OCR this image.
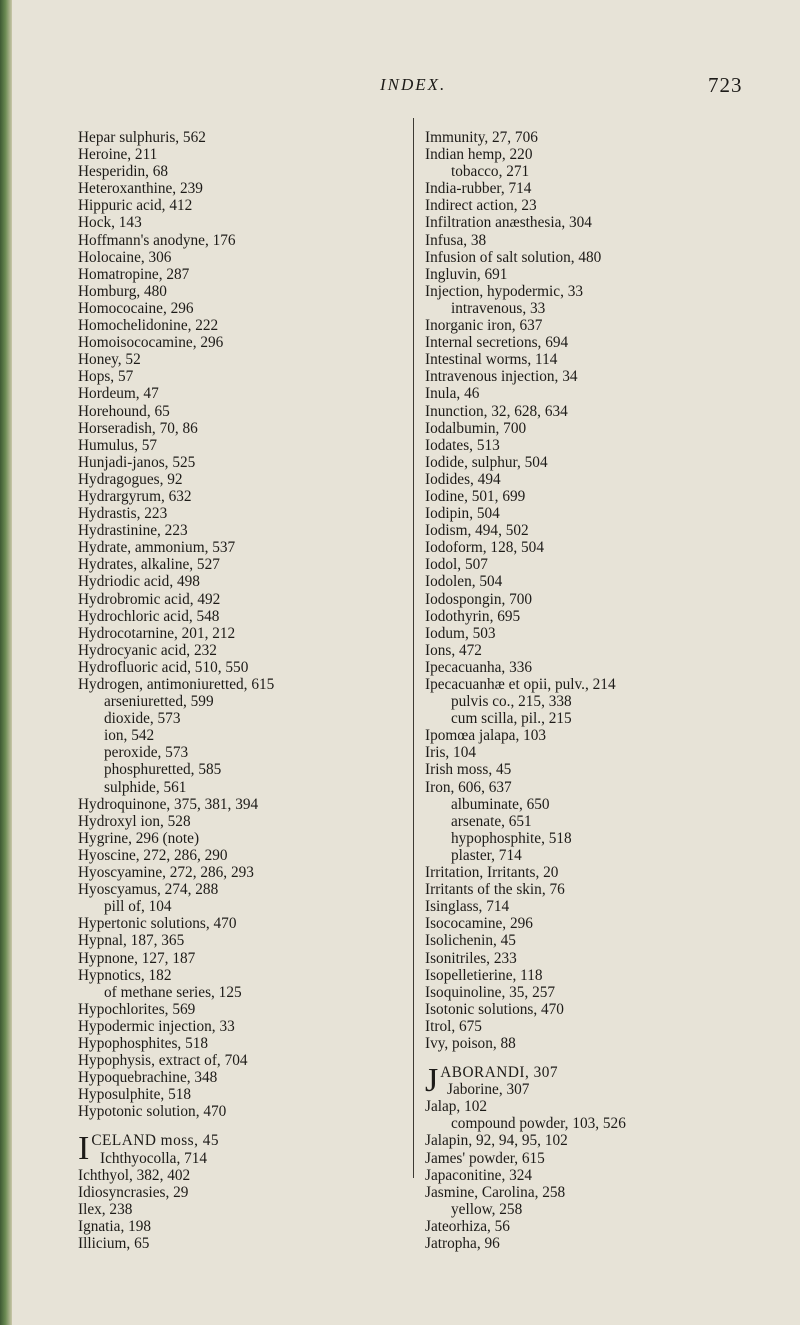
INDEX.	723
Hepar sulphuris, 562
Heroine, 211
Hesperidin, 68
Heteroxanthine, 239
Hippuric acid, 412
Hock, 143
Hoffmann's anodyne, 176
Holocaine, 306
Homatropine, 287
Homburg, 480
Homococaine, 296
Homochelidonine, 222
Homoisococamine, 296
Honey, 52
Hops, 57
Hordeum, 47
Horehound, 65
Horseradish, 70, 86
Humulus, 57
Hunjadi-janos, 525
Hydragogues, 92
Hydrargyrum, 632
Hydrastis, 223
Hydrastinine, 223
Hydrate, ammonium, 537
Hydrates, alkaline, 527
Hydriodic acid, 498
Hydrobromic acid, 492
Hydrochloric acid, 548
Hydrocotarnine, 201, 212
Hydrocyanic acid, 232
Hydrofluoric acid, 510, 550
Hydrogen, antimoniuretted, 615
arseniuretted, 599
dioxide, 573
ion, 542
peroxide, 573
phosphuretted, 585
sulphide, 561
Hydroquinone, 375, 381, 394
Hydroxyl ion, 528
Hygrine, 296 (note)
Hyoscine, 272, 286, 290
Hyoscyamine, 272, 286, 293
Hyoscyamus, 274, 288
pill of, 104
Hypertonic solutions, 470
Hypnal, 187, 365
Hypnone, 127, 187
Hypnotics, 182
of methane series, 125
Hypochlorites, 569
Hypodermic injection, 33
Hypophosphites, 518
Hypophysis, extract of, 704
Hypoquebrachine, 348
Hyposulphite, 518
Hypotonic solution, 470
I CELAND moss, 45
Ichthyocolla, 714
Ichthyol, 382, 402
Idiosyncrasies, 29
Ilex, 238
Ignatia, 198
Illicium, 65
Immunity, 27, 706
Indian hemp, 220
tobacco, 271
India-rubber, 714
Indirect action, 23
Infiltration anæsthesia, 304
Infusa, 38
Infusion of salt solution, 480
Ingluvin, 691
Injection, hypodermic, 33
intravenous, 33
Inorganic iron, 637
Internal secretions, 694
Intestinal worms, 114
Intravenous injection, 34
Inula, 46
Inunction, 32, 628, 634
Iodalbumin, 700
Iodates, 513
Iodide, sulphur, 504
Iodides, 494
Iodine, 501, 699
Iodipin, 504
Iodism, 494, 502
Iodoform, 128, 504
Iodol, 507
Iodolen, 504
Iodospongin, 700
Iodothyrin, 695
Iodum, 503
Ions, 472
Ipecacuanha, 336
Ipecacuanhæ et opii, pulv., 214
pulvis co., 215, 338
cum scilla, pil., 215
Ipomœa jalapa, 103
Iris, 104
Irish moss, 45
Iron, 606, 637
albuminate, 650
arsenate, 651
hypophosphite, 518
plaster, 714
Irritation, Irritants, 20
Irritants of the skin, 76
Isinglass, 714
Isococamine, 296
Isolichenin, 45
Isonitriles, 233
Isopelletierine, 118
Isoquinoline, 35, 257
Isotonic solutions, 470
Itrol, 675
Ivy, poison, 88
J ABORANDI, 307
Jaborine, 307
Jalap, 102
compound powder, 103, 526
Jalapin, 92, 94, 95, 102
James' powder, 615
Japaconitine, 324
Jasmine, Carolina, 258
yellow, 258
Jateorhiza, 56
Jatropha, 96
